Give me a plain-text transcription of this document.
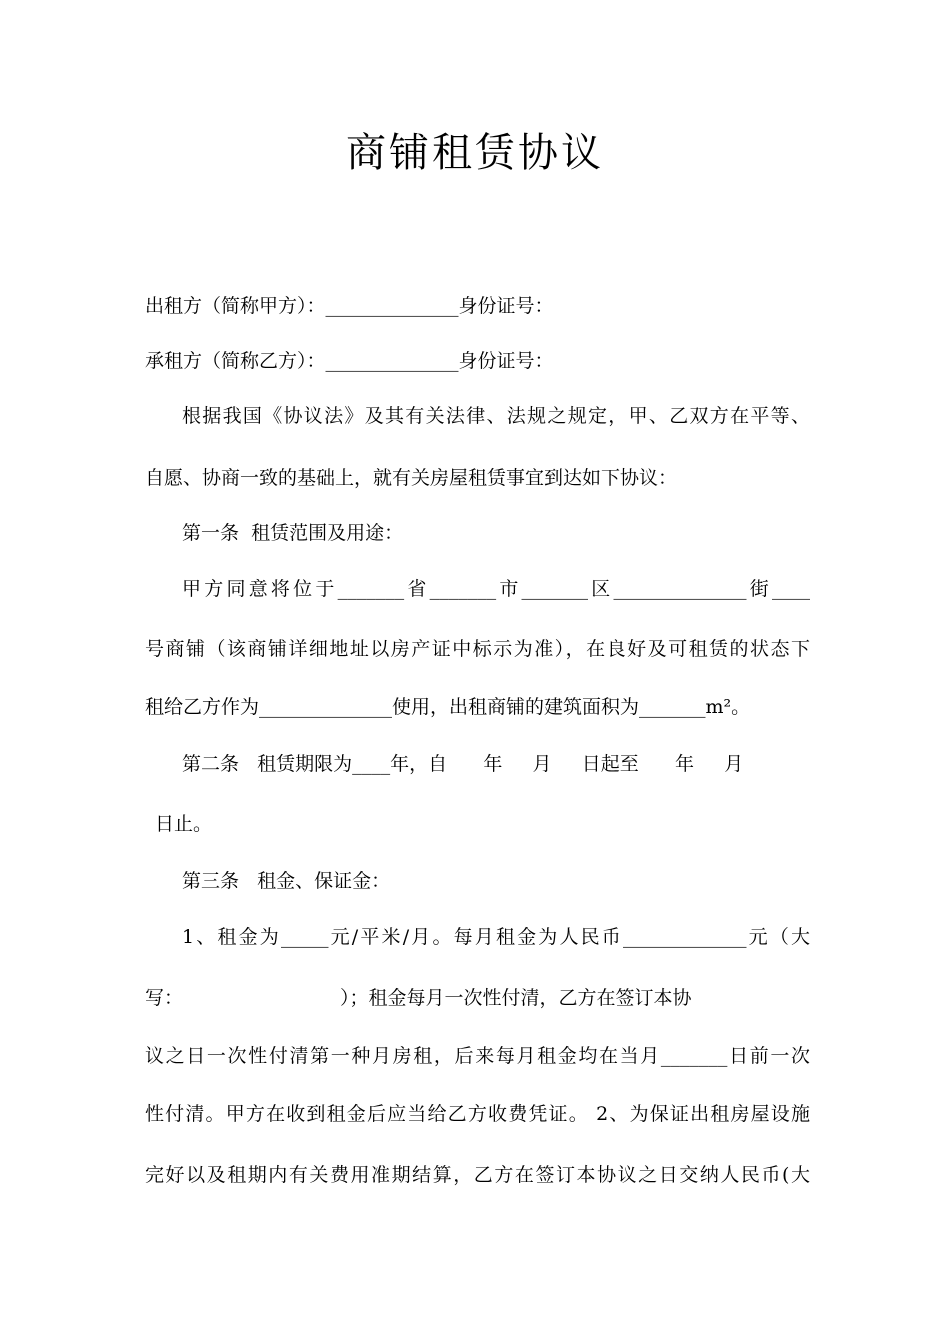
商铺租赁协议
出租方（简称甲方）：______________身份证号：
承租方（简称乙方）：______________身份证号：
根据我国《协议法》及其有关法律、法规之规定，甲、乙双方在平等、
自愿、协商一致的基础上，就有关房屋租赁事宜到达如下协议：
第一条  租赁范围及用途：
甲方同意将位于_______省_______市_______区______________街____
号商铺（该商铺详细地址以房产证中标示为准），在良好及可租赁的状态下
租给乙方作为______________使用，出租商铺的建筑面积为_______m²。
第二条   租赁期限为____年，自      年     月     日起至      年     月
日止。
第三条   租金、保证金：
1、租金为_____元/平米/月。每月租金为人民币_____________元（大
写：                          ）；租金每月一次性付清，乙方在签订本协
议之日一次性付清第一种月房租，后来每月租金均在当月_______日前一次
性付清。甲方在收到租金后应当给乙方收费凭证。 2、为保证出租房屋设施
完好以及租期内有关费用准期结算，乙方在签订本协议之日交纳人民币(大
